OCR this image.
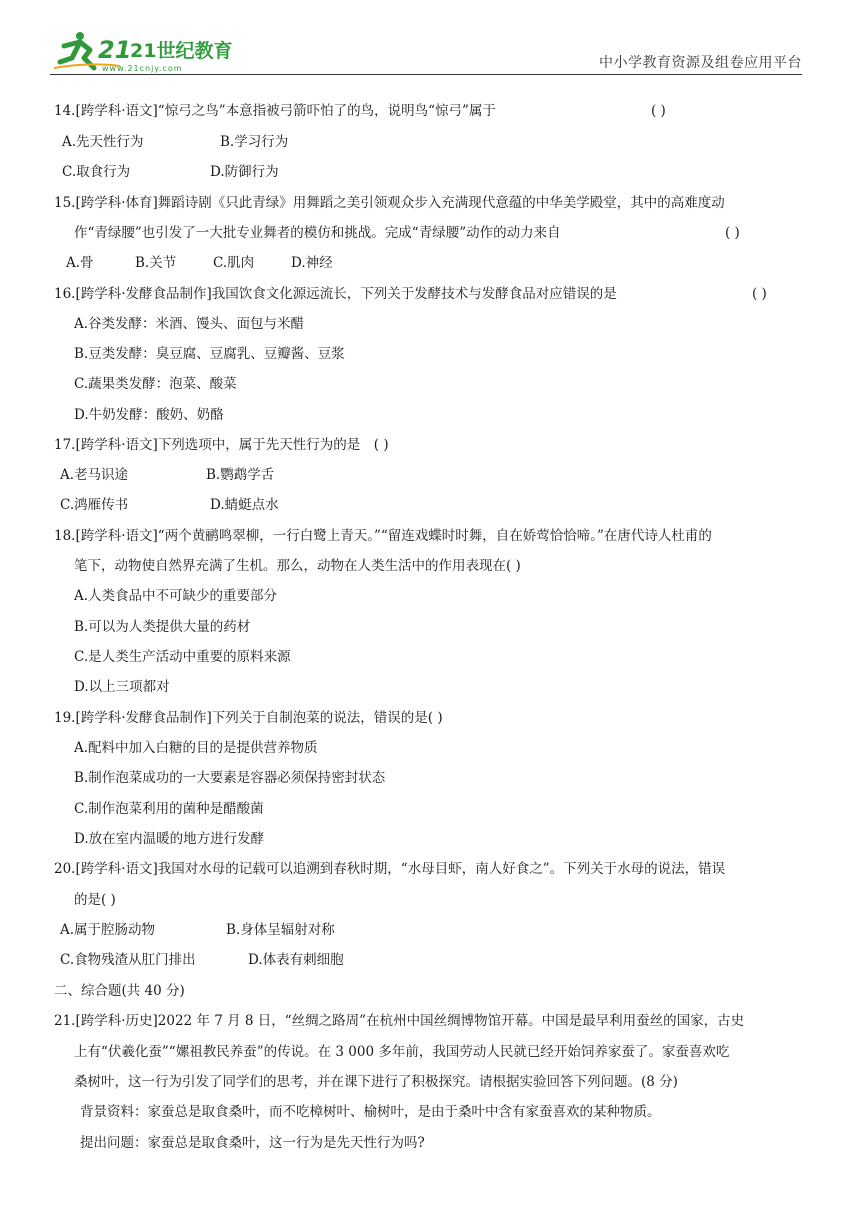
21
21世纪教育
www.21cnjy.com	中小学教育资源及组卷应用平台
14.[跨学科·语文]“惊弓之鸟”本意指被弓箭吓怕了的鸟，说明鸟“惊弓”属于	( )
A.先天性行为	B.学习行为
C.取食行为	D.防御行为
15.[跨学科·体育]舞蹈诗剧《只此青绿》用舞蹈之美引领观众步入充满现代意蕴的中华美学殿堂，其中的高难度动
作“青绿腰”也引发了一大批专业舞者的模仿和挑战。完成“青绿腰”动作的动力来自	( )
A.骨	B.关节	C.肌肉	D.神经
16.[跨学科·发酵食品制作]我国饮食文化源远流长，下列关于发酵技术与发酵食品对应错误的是	( )
A.谷类发酵：米酒、馒头、面包与米醋
B.豆类发酵：臭豆腐、豆腐乳、豆瓣酱、豆浆
C.蔬果类发酵：泡菜、酸菜
D.牛奶发酵：酸奶、奶酪
17.[跨学科·语文]下列选项中，属于先天性行为的是　( )
A.老马识途	B.鹦鹉学舌
C.鸿雁传书	D.蜻蜓点水
18.[跨学科·语文]“两个黄鹂鸣翠柳，一行白鹭上青天。”“留连戏蝶时时舞，自在娇莺恰恰啼。”在唐代诗人杜甫的
笔下，动物使自然界充满了生机。那么，动物在人类生活中的作用表现在( )
A.人类食品中不可缺少的重要部分
B.可以为人类提供大量的药材
C.是人类生产活动中重要的原料来源
D.以上三项都对
19.[跨学科·发酵食品制作]下列关于自制泡菜的说法，错误的是( )
A.配料中加入白糖的目的是提供营养物质
B.制作泡菜成功的一大要素是容器必须保持密封状态
C.制作泡菜利用的菌种是醋酸菌
D.放在室内温暖的地方进行发酵
20.[跨学科·语文]我国对水母的记载可以追溯到春秋时期，“水母目虾，南人好食之”。下列关于水母的说法，错误
的是( )
A.属于腔肠动物	B.身体呈辐射对称
C.食物残渣从肛门排出	D.体表有刺细胞
二、综合题(共 40 分)
21.[跨学科·历史]2022 年 7 月 8 日，“丝绸之路周”在杭州中国丝绸博物馆开幕。中国是最早利用蚕丝的国家，古史
上有“伏羲化蚕”“嫘祖教民养蚕”的传说。在 3 000 多年前，我国劳动人民就已经开始饲养家蚕了。家蚕喜欢吃
桑树叶，这一行为引发了同学们的思考，并在课下进行了积极探究。请根据实验回答下列问题。(8 分)
背景资料：家蚕总是取食桑叶，而不吃樟树叶、榆树叶，是由于桑叶中含有家蚕喜欢的某种物质。
提出问题：家蚕总是取食桑叶，这一行为是先天性行为吗?
